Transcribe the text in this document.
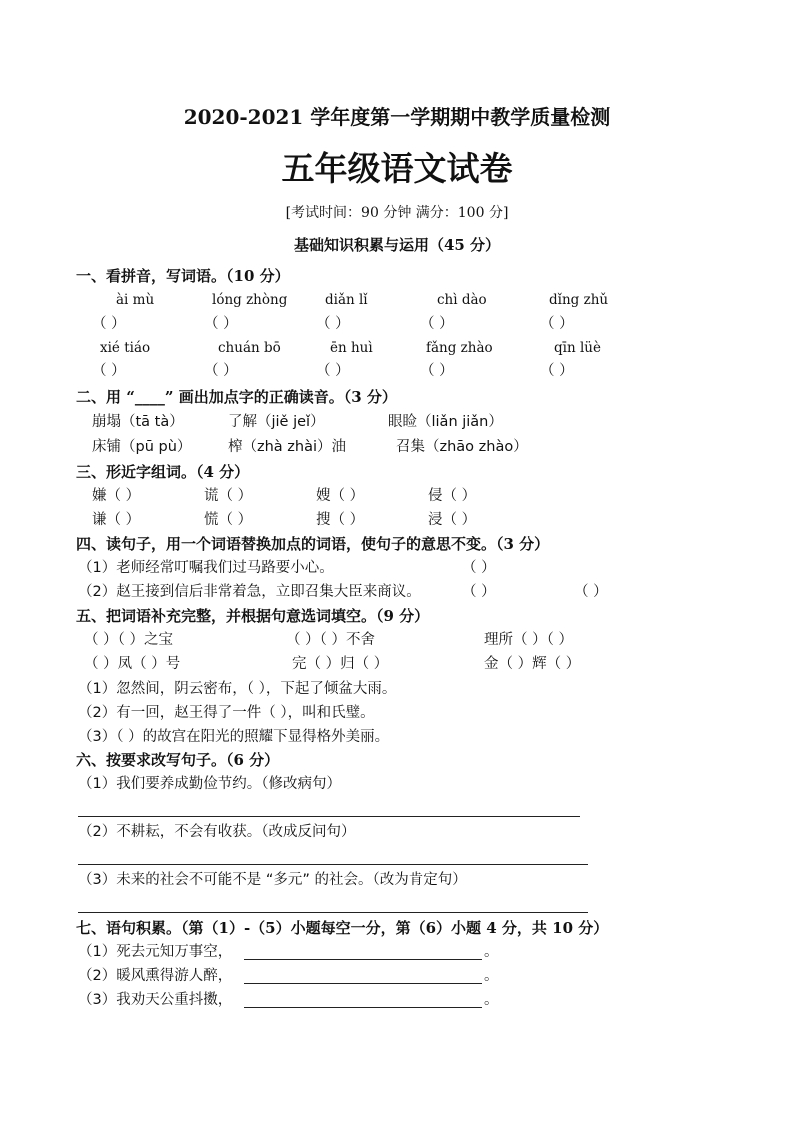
2020-2021 学年度第一学期期中教学质量检测
五年级语文试卷
[考试时间：90 分钟 满分：100 分]
基础知识积累与运用（45 分）
一、看拼音，写词语。（10 分）
ài mù	lóng zhòng	diǎn lǐ	chì dào	dǐng zhǔ
（ ）	（ ）	（ ）	（ ）	（ ）
xié tiáo	chuán bō	ēn huì	fǎng zhào	qīn lüè
（ ）	（ ）	（ ）	（ ）	（ ）
二、用 “____” 画出加点字的正确读音。（3 分）
崩塌（tā tà）	了解（jiě jeǐ）	眼睑（liǎn jiǎn）
床铺（pū pù）	榨（zhà zhài）油	召集（zhāo zhào）
三、形近字组词。（4 分）
嫌（ ）	谎（ ）	嫂（ ）	侵（ ）
谦（ ）	慌（ ）	搜（ ）	浸（ ）
四、读句子，用一个词语替换加点的词语，使句子的意思不变。（3 分）
（1）老师经常叮嘱我们过马路要小心。	（ ）
（2）赵王接到信后非常着急，立即召集大臣来商议。	（ ）	（ ）
五、把词语补充完整，并根据句意选词填空。（9 分）
（ ）（ ）之宝	（ ）（ ）不舍	理所（ ）（ ）
（ ）凤（ ）号	完（ ）归（ ）	金（ ）辉（ ）
（1）忽然间，阴云密布，（ ），下起了倾盆大雨。
（2）有一回，赵王得了一件（ ），叫和氏璧。
（3）（ ）的故宫在阳光的照耀下显得格外美丽。
六、按要求改写句子。（6 分）
（1）我们要养成勤俭节约。（修改病句）
（2）不耕耘，不会有收获。（改成反问句）
（3）未来的社会不可能不是 “多元” 的社会。（改为肯定句）
七、语句积累。（第（1）-（5）小题每空一分，第（6）小题 4 分，共 10 分）
（1）死去元知万事空，	。
（2）暖风熏得游人醉，	。
（3）我劝天公重抖擞，	。
